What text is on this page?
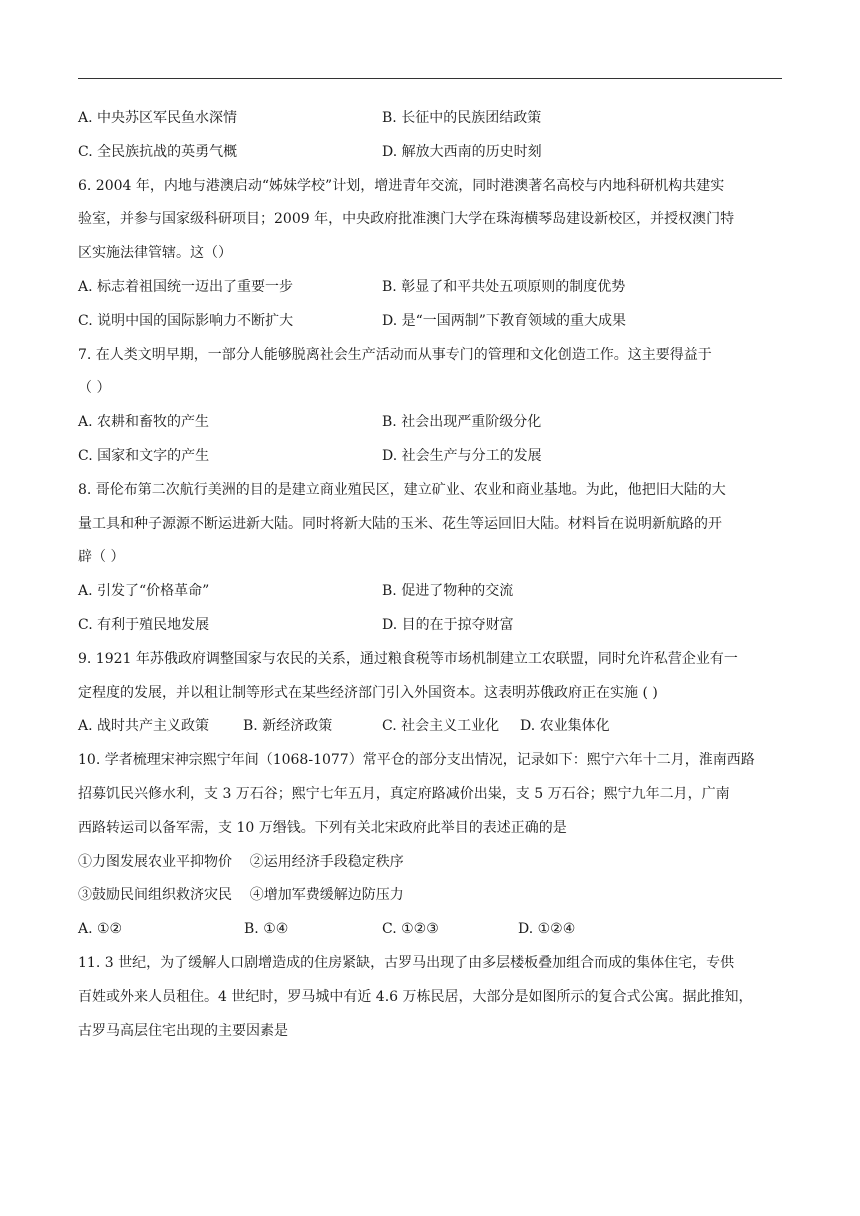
A. 中央苏区军民鱼水深情	B. 长征中的民族团结政策
C. 全民族抗战的英勇气概	D. 解放大西南的历史时刻
6. 2004 年，内地与港澳启动“姊妹学校”计划，增进青年交流，同时港澳著名高校与内地科研机构共建实
验室，并参与国家级科研项目；2009 年，中央政府批准澳门大学在珠海横琴岛建设新校区，并授权澳门特
区实施法律管辖。这（）
A. 标志着祖国统一迈出了重要一步	B. 彰显了和平共处五项原则的制度优势
C. 说明中国的国际影响力不断扩大	D. 是“一国两制”下教育领域的重大成果
7. 在人类文明早期，一部分人能够脱离社会生产活动而从事专门的管理和文化创造工作。这主要得益于
（ ）
A. 农耕和畜牧的产生	B. 社会出现严重阶级分化
C. 国家和文字的产生	D. 社会生产与分工的发展
8. 哥伦布第二次航行美洲的目的是建立商业殖民区，建立矿业、农业和商业基地。为此，他把旧大陆的大
量工具和种子源源不断运进新大陆。同时将新大陆的玉米、花生等运回旧大陆。材料旨在说明新航路的开
辟（ ）
A. 引发了“价格革命”	B. 促进了物种的交流
C. 有利于殖民地发展	D. 目的在于掠夺财富
9. 1921 年苏俄政府调整国家与农民的关系，通过粮食税等市场机制建立工农联盟，同时允许私营企业有一
定程度的发展，并以租让制等形式在某些经济部门引入外国资本。这表明苏俄政府正在实施 ( )
A. 战时共产主义政策	B. 新经济政策	C. 社会主义工业化	D. 农业集体化
10. 学者梳理宋神宗熙宁年间（1068-1077）常平仓的部分支出情况，记录如下：熙宁六年十二月，淮南西路
招募饥民兴修水利，支 3 万石谷；熙宁七年五月，真定府路减价出粜，支 5 万石谷；熙宁九年二月，广南
西路转运司以备军需，支 10 万缗钱。下列有关北宋政府此举目的表述正确的是
①力图发展农业平抑物价    ②运用经济手段稳定秩序
③鼓励民间组织救济灾民    ④增加军费缓解边防压力
A. ①②	B. ①④	C. ①②③	D. ①②④
11. 3 世纪，为了缓解人口剧增造成的住房紧缺，古罗马出现了由多层楼板叠加组合而成的集体住宅，专供
百姓或外来人员租住。4 世纪时，罗马城中有近 4.6 万栋民居，大部分是如图所示的复合式公寓。据此推知，
古罗马高层住宅出现的主要因素是
